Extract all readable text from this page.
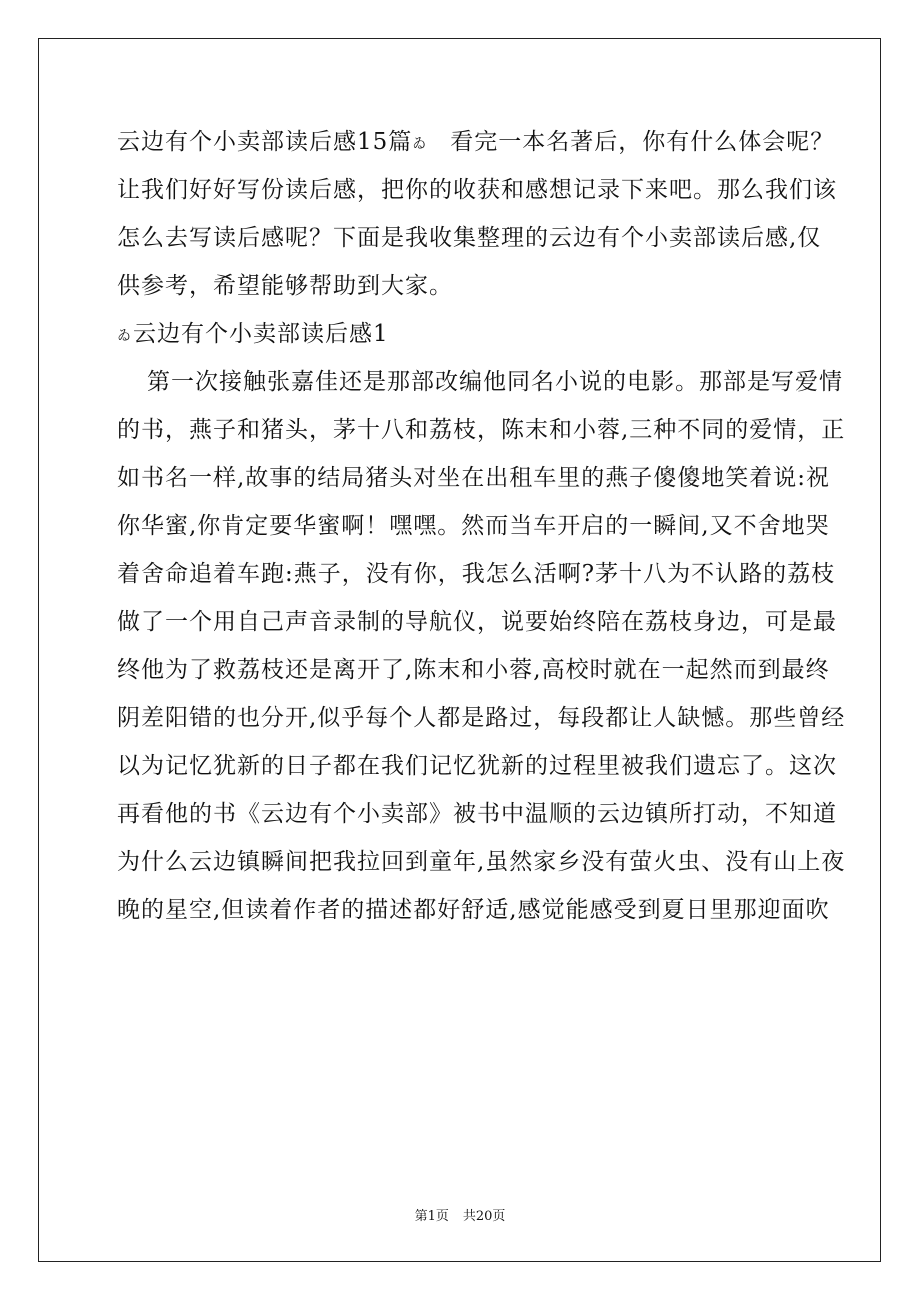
云边有个小卖部读后感15篇ゐ 看完一本名著后，你有什么体会呢？

让我们好好写份读后感，把你的收获和感想记录下来吧。那么我们该

怎么去写读后感呢？下面是我收集整理的云边有个小卖部读后感,仅

供参考，希望能够帮助到大家。

ゐ云边有个小卖部读后感1

第一次接触张嘉佳还是那部改编他同名小说的电影。那部是写爱情

的书，燕子和猪头，茅十八和荔枝，陈末和小蓉,三种不同的爱情，正

如书名一样,故事的结局猪头对坐在出租车里的燕子傻傻地笑着说:祝

你华蜜,你肯定要华蜜啊！嘿嘿。然而当车开启的一瞬间,又不舍地哭

着舍命追着车跑:燕子，没有你，我怎么活啊?茅十八为不认路的荔枝

做了一个用自己声音录制的导航仪，说要始终陪在荔枝身边，可是最

终他为了救荔枝还是离开了,陈末和小蓉,高校时就在一起然而到最终

阴差阳错的也分开,似乎每个人都是路过，每段都让人缺憾。那些曾经

以为记忆犹新的日子都在我们记忆犹新的过程里被我们遗忘了。这次

再看他的书《云边有个小卖部》被书中温顺的云边镇所打动，不知道

为什么云边镇瞬间把我拉回到童年,虽然家乡没有萤火虫、没有山上夜

晚的星空,但读着作者的描述都好舒适,感觉能感受到夏日里那迎面吹

第1页 共20页
